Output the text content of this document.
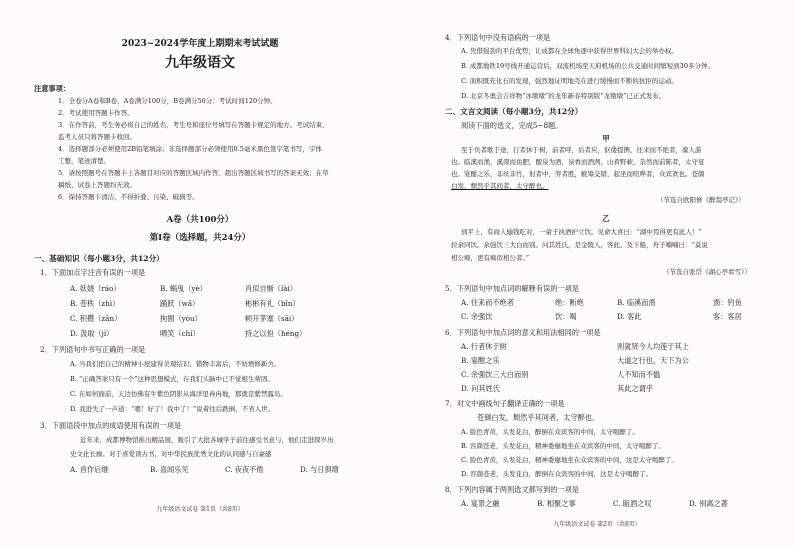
2023~2024学年度上期期末考试试题
九年级语文
注意事项：
1．全卷分A卷和B卷，A卷满分100分，B卷满分50分；考试时间120分钟。
2．考试使用答题卡作答。
3．在作答前，考生务必将自己的姓名，考生号和座位号填写在答题卡规定的地方。考试结束，
监考人员只将答题卡收回。
4．选择题部分必须使用2B铅笔填涂；非选择题部分必须使用0.5毫米黑色签字笔书写，字体
工整，笔迹清楚。
5．请按照题号在答题卡上各题目对应的答题区域内作答，超出答题区域书写的答案无效；在草
稿纸、试卷上答题均无效。
6．保持答题卡清洁，不得折叠、污染、破损等。
A卷（共100分）
第Ⅰ卷（选择题，共24分）
一、基础知识（每小题3分，共12分）
1．下面加点字注音有误的一项是
A. 妖娆（ráo）	B. 蜗曳（yè）	肖似自惭（lài）
B. 苍秩（zhì）	踊跃（wǎ）	彬彬有礼（bīn）
C. 积攒（zǎn）	拘囿（yòu）	顿开茅塞（sāi）
D. 汲取（jí）	哂笑（chǐ）	持之以恒（héng）
2．下列语句中书写正确的一项是
A. 当我们把自己的精神小屋建得美观结识、错物丰富后，不妨增修新舍。
B. “正确答案只有一个”这种思想模式，在我们头脑中已不觉根生蒂固。
C. 在如何面前，天边仿佛有牛紫色阴影从海洋里冉冉地，那就是紫禁露岛。
D. 我进失了一声道：“嗯！好了！我中了！”说着往后跌倒，不省人世。
3．下面语段中加点的成语使用有误的一项是
近年来，成都博物馆推出精品展，吸引了大批各城学子前往感受书意与，他们走进探岁历
史文化长廊。对于喜爱读古书，对中华民族优秀文化的认同感与自豪感
A. 首作后继	B. 喜闻乐见	C. 夜夜不倦	D. 与日俱增
九年级语文试卷 第1页（共8页）
4．下列语句中没有语病的一项是
A. 凭借强劲的平台优势，让成都在全球角逐中获得世界科幻大会的举办权。
B. 成都地铁19号线开通运营后，双流机场至天府机场的公共交通时间缩短到30多分钟。
C. 面积既充化石的发现，强烈地证明地壳在进行缓慢而不断的抗拒的运动。
D. 北京冬奥会吉祥物“冰墩墩”的龙年新春特别版“龙墩墩”已正式发布。
二、文言文阅读（每小题3分，共12分）
阅读下面的选文，完成5~8题。
甲
至于负者歌于途，行者休于树，前者呼，后者应，伛偻提携，往来而不绝者，滁人游
也。临溪而渔，溪深而鱼肥，酿泉为酒，泉香而酒洌，山肴野蔌，杂然而前陈者，太守宴
也。宴酣之乐，非丝非竹，射者中，弈者胜，觥筹交错，起坐而喧哗者，众宾欢也。苍颜
白发，颓然乎其间者，太守醉也。
（节选自欧阳修《醉翁亭记》）
乙
到平上，有商人输钱吃对，一童子执酒护立饮。见命大喜曰：“湖中焉得更有此人！”
拉余同饮。余强饮三大白而别。问其姓氏，是金陵人，客此。及下船，舟子喃喃曰：“莫说
相公痴，更有痴似相公者。”
（节选自张岱《湖心亭看雪》）
5．下列语句中加点词的解释有误的一项是
A. 往来而不绝者	绝：断绝	B. 临溪而渔	渔：钓鱼
C. 余强饮	饮：喝	D. 客此	客：客居
6．下列语句中加点词的意义和用法相同的一项是
A. 行者休于树	则就贤今人均莲于其上
B. 宴酣之乐	大道之行也，天下为公
C. 余强饮三大白而别	人不知而不愠
D. 问其姓氏	其此之谓乎
7．对文中画线句子翻译正确的一项是
苍颜白发，颓然乎其间者，太守醉也。
A. 脸色青黄，头发花白，醉倒在众宾客的中间，太守喝醉了。
B. 容颜苍老，头发花白，精神委靡地坐在众宾客的中间，太守喝醉了。
C. 脸色青黄，头发花白，精神委靡地坐在众宾客的中间，这是太守喝醉了。
D. 容颜苍老，头发花白，醉倒在众宾客的中间，这是太守喝醉了。
8．下列内容属于两则选文都写到的一项是
A. 宴景之融	B. 相聚之事	C. 瓯酒之叹	D. 别离之著
九年级语文试卷 第2页（共8页）
